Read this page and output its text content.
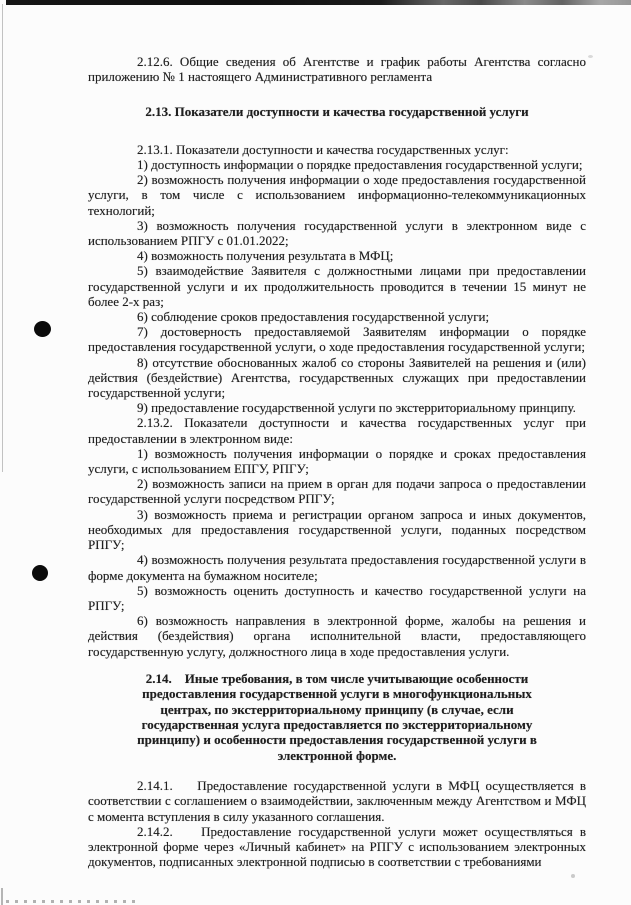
2.12.6. Общие сведения об Агентстве и график работы Агентства согласно приложению № 1 настоящего Административного регламента

2.13. Показатели доступности и качества государственной услуги

2.13.1. Показатели доступности и качества государственных услуг:

1) доступность информации о порядке предоставления государственной услуги;

2) возможность получения информации о ходе предоставления государственной услуги, в том числе с использованием информационно-телекоммуникационных технологий;

3) возможность получения государственной услуги в электронном виде с использованием РПГУ с 01.01.2022;

4) возможность получения результата в МФЦ;

5) взаимодействие Заявителя с должностными лицами при предоставлении государственной услуги и их продолжительность проводится в течении 15 минут не более 2-х раз;

6) соблюдение сроков предоставления государственной услуги;

7) достоверность предоставляемой Заявителям информации о порядке предоставления государственной услуги, о ходе предоставления государственной услуги;

8) отсутствие обоснованных жалоб со стороны Заявителей на решения и (или) действия (бездействие) Агентства, государственных служащих при предоставлении государственной услуги;

9) предоставление государственной услуги по экстерриториальному принципу.

2.13.2. Показатели доступности и качества государственных услуг при предоставлении в электронном виде:

1) возможность получения информации о порядке и сроках предоставления услуги, с использованием ЕПГУ, РПГУ;

2) возможность записи на прием в орган для подачи запроса о предоставлении государственной услуги посредством РПГУ;

3) возможность приема и регистрации органом запроса и иных документов, необходимых для предоставления государственной услуги, поданных посредством РПГУ;

4) возможность получения результата предоставления государственной услуги в форме документа на бумажном носителе;

5) возможность оценить доступность и качество государственной услуги на РПГУ;

6) возможность направления в электронной форме, жалобы на решения и действия (бездействия) органа исполнительной власти, предоставляющего государственную услугу, должностного лица в ходе предоставления услуги.

2.14.    Иные требования, в том числе учитывающие особенности предоставления государственной услуги в многофункциональных центрах, по экстерриториальному принципу (в случае, если государственная услуга предоставляется по экстерриториальному принципу) и особенности предоставления государственной услуги в электронной форме.

2.14.1.    Предоставление государственной услуги в МФЦ осуществляется в соответствии с соглашением о взаимодействии, заключенным между Агентством и МФЦ с момента вступления в силу указанного соглашения.

2.14.2.    Предоставление государственной услуги может осуществляться в электронной форме через «Личный кабинет» на РПГУ с использованием электронных документов, подписанных электронной подписью в соответствии с требованиями
